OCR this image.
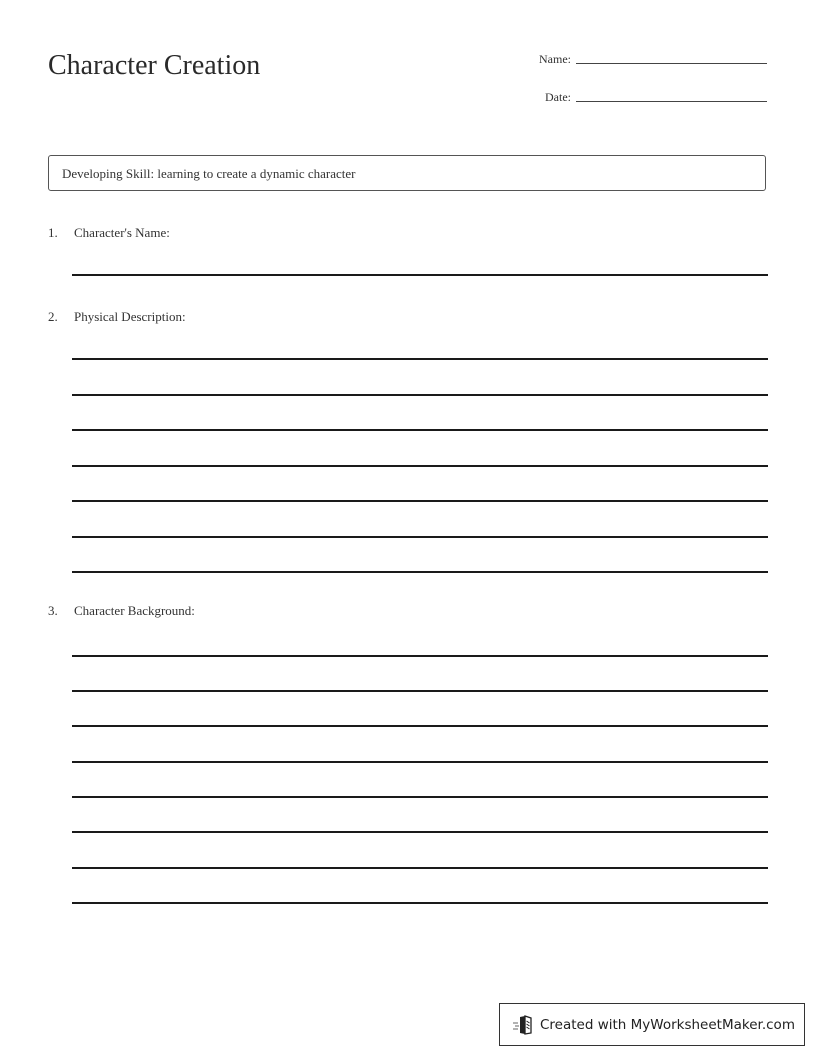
Character Creation	Name:
Date:
Developing Skill: learning to create a dynamic character
1. Character's Name:
2. Physical Description:
3. Character Background:
Created with MyWorksheetMaker.com
